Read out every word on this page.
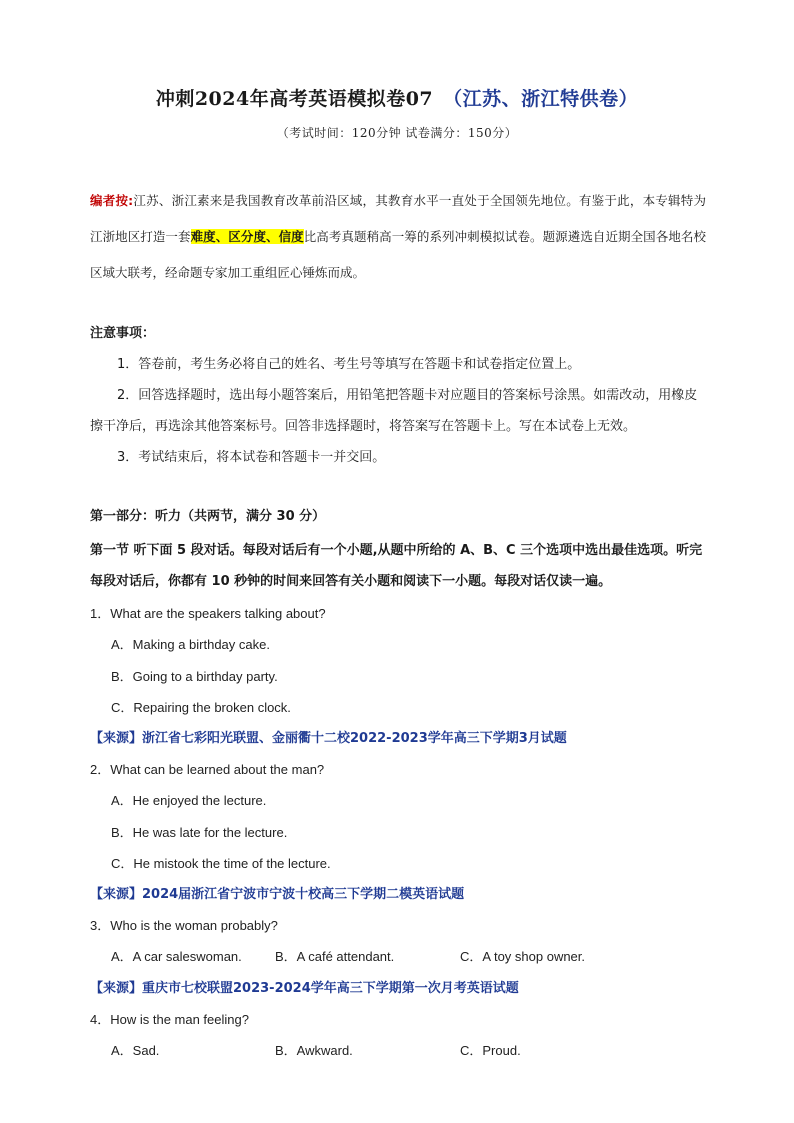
冲刺2024年高考英语模拟卷07 （江苏、浙江特供卷）
（考试时间：120分钟 试卷满分：150分）
编者按:江苏、浙江素来是我国教育改革前沿区域，其教育水平一直处于全国领先地位。有鉴于此，本专辑特为江浙地区打造一套难度、区分度、信度比高考真题稍高一筹的系列冲刺模拟试卷。题源遴选自近期全国各地名校区域大联考，经命题专家加工重组匠心锤炼而成。
注意事项：
1．答卷前，考生务必将自己的姓名、考生号等填写在答题卡和试卷指定位置上。
2．回答选择题时，选出每小题答案后，用铅笔把答题卡对应题目的答案标号涂黑。如需改动，用橡皮擦干净后，再选涂其他答案标号。回答非选择题时，将答案写在答题卡上。写在本试卷上无效。
3．考试结束后，将本试卷和答题卡一并交回。
第一部分：听力（共两节，满分 30 分）
第一节 听下面 5 段对话。每段对话后有一个小题,从题中所给的 A、B、C 三个选项中选出最佳选项。听完每段对话后，你都有 10 秒钟的时间来回答有关小题和阅读下一小题。每段对话仅读一遍。
1．What are the speakers talking about?
A．Making a birthday cake.
B．Going to a birthday party.
C．Repairing the broken clock.
【来源】浙江省七彩阳光联盟、金丽衢十二校2022-2023学年高三下学期3月试题
2．What can be learned about the man?
A．He enjoyed the lecture.
B．He was late for the lecture.
C．He mistook the time of the lecture.
【来源】2024届浙江省宁波市宁波十校高三下学期二模英语试题
3．Who is the woman probably?
A．A car saleswoman.	B．A café attendant.	C．A toy shop owner.
【来源】重庆市七校联盟2023-2024学年高三下学期第一次月考英语试题
4．How is the man feeling?
A．Sad.	B．Awkward.	C．Proud.
